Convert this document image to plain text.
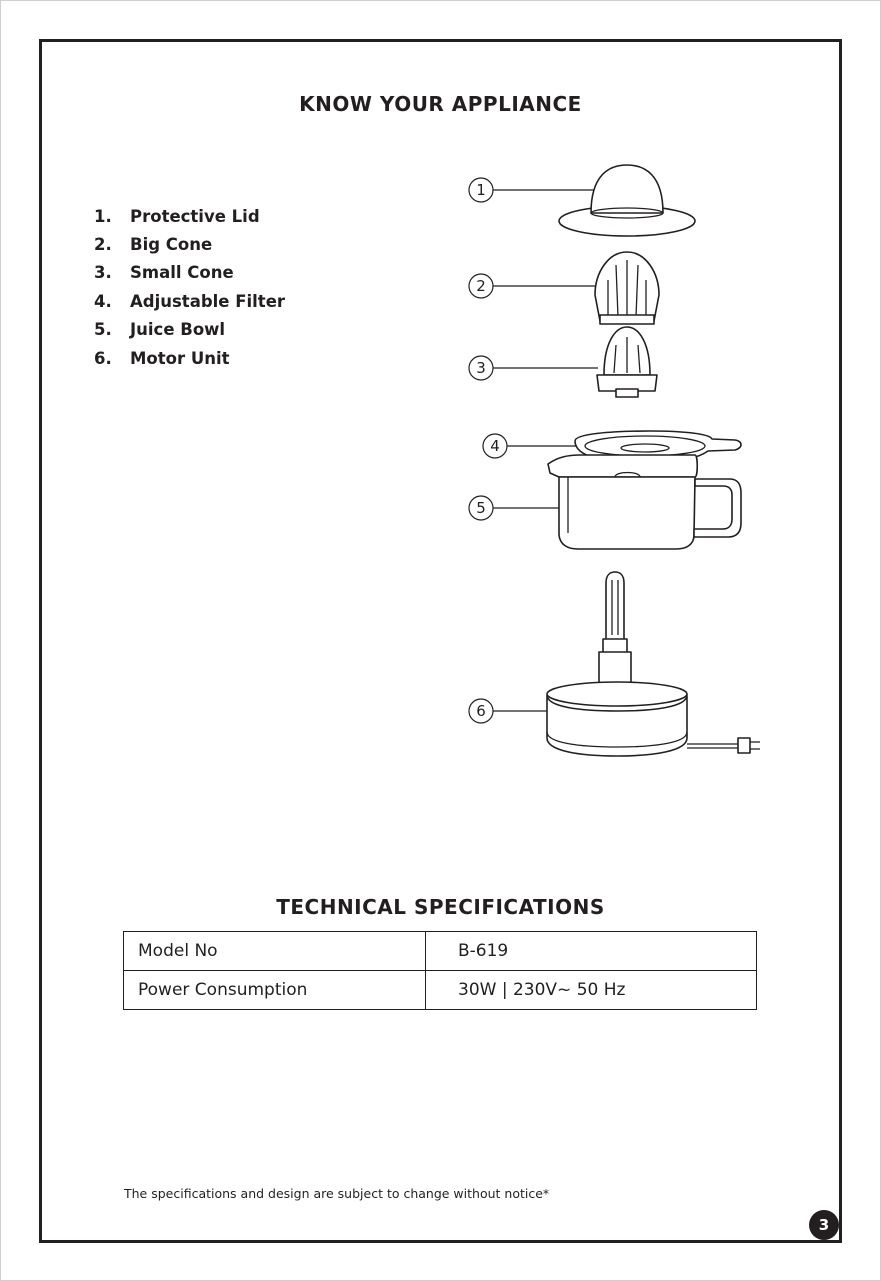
KNOW YOUR APPLIANCE
1.	Protective Lid
2.	Big Cone
3.	Small Cone
4.	Adjustable Filter
5.	Juice Bowl
6.	Motor Unit
1
2
3
4
5
6
TECHNICAL SPECIFICATIONS
Model No	B-619
Power Consumption	30W | 230V~ 50 Hz
The specifications and design are subject to change without notice*
3
